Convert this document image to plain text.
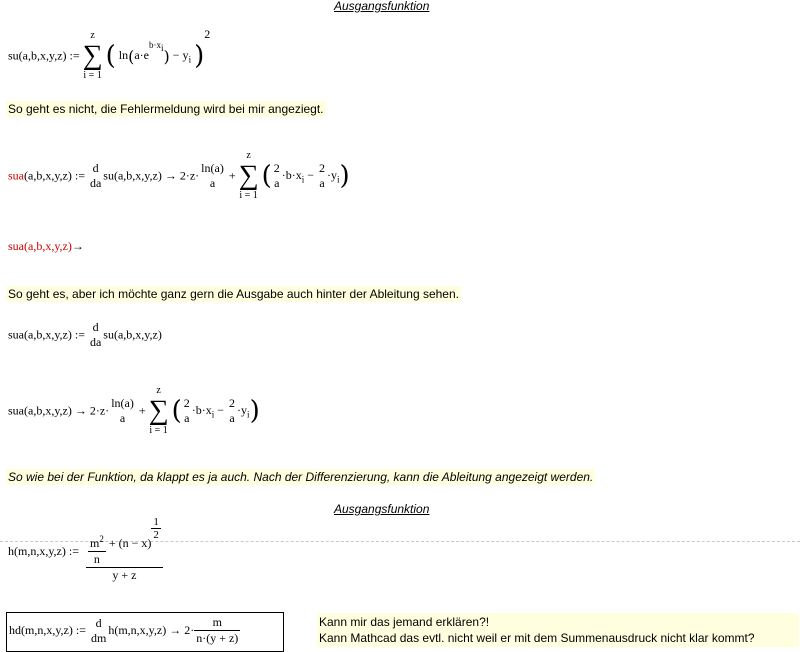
Ausgangsfunktion
su(a,b,x,y,z) := z
∑
i = 1 ( $\ln(a\cdot e^{b\cdot x_i}) - y_i$ )$^2$
So geht es nicht, die Fehlermeldung wird bei mir angeziegt.
sua(a,b,x,y,z) :=
d
da
su(a,b,x,y,z) → 2·z·
ln(a)
a
+ z
∑
i = 1 ( 2
a
$\cdot b\cdot x_i - 2$
a
$\cdot y_i$)
sua(a,b,x,y,z)→
So geht es, aber ich möchte ganz gern die Ausgabe auch hinter der Ableitung sehen.
sua(a,b,x,y,z) :=
d
da
su(a,b,x,y,z)
sua(a,b,x,y,z) → 2·z·
ln(a)
a
+ z
∑
i = 1 ( 2
a
$\cdot b\cdot x_i - 2$
a
$\cdot y_i$)
So wie bei der Funktion, da klappt es ja auch. Nach der Differenzierung, kann die Ableitung angezeigt werden.
Ausgangsfunktion
h(m,n,x,y,z) := $\frac{m^2}{n} + (n - x)$
$\frac{1}{2}$
y + z
hd(m,n,x,y,z) :=
d
dm
$h(m,n,x,y,z) \to 2\cdot \frac{m}{n\cdot(y + z)}$	Kann mir das jemand erklären?!
Kann Mathcad das evtl. nicht weil er mit dem Summenausdruck nicht klar kommt?
